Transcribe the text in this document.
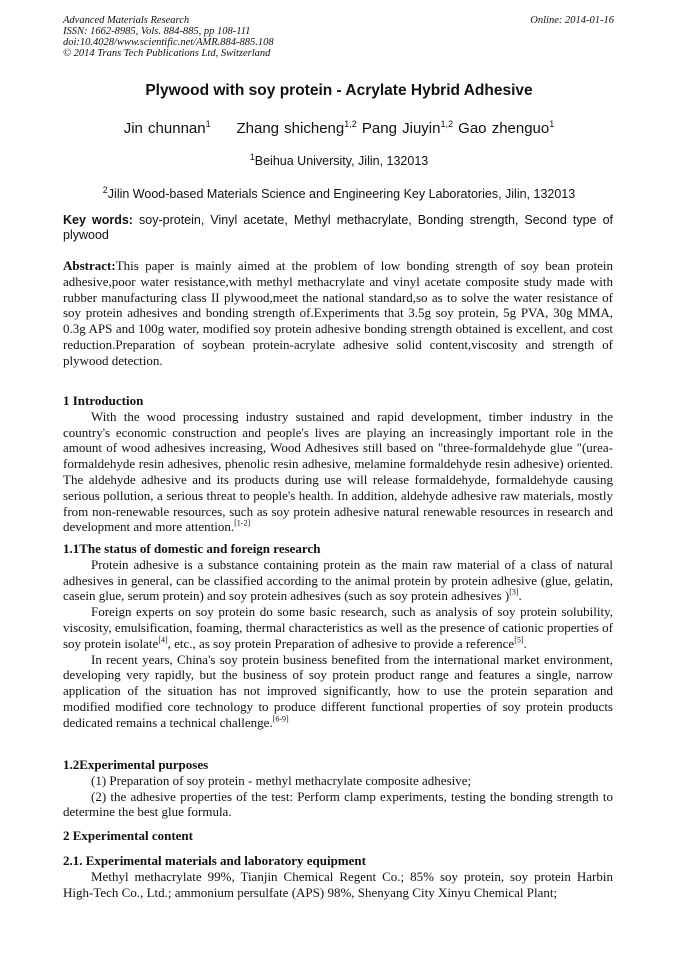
Advanced Materials Research
ISSN: 1662-8985, Vols. 884-885, pp 108-111
doi:10.4028/www.scientific.net/AMR.884-885.108
© 2014 Trans Tech Publications Ltd, Switzerland
Online: 2014-01-16
Plywood with soy protein - Acrylate Hybrid Adhesive
Jin chunnan$^1$ Zhang shicheng$^{1,2}$ Pang Jiuyin$^{1,2}$ Gao zhenguo$^1$
$^1$Beihua University, Jilin, 132013
$^2$Jilin Wood-based Materials Science and Engineering Key Laboratories, Jilin, 132013
Key words: soy-protein, Vinyl acetate, Methyl methacrylate, Bonding strength, Second type of plywood
Abstract:This paper is mainly aimed at the problem of low bonding strength of soy bean protein adhesive,poor water resistance,with methyl methacrylate and vinyl acetate composite study made with rubber manufacturing class II plywood,meet the national standard,so as to solve the water resistance of soy protein adhesives and bonding strength of.Experiments that 3.5g soy protein, 5g PVA, 30g MMA, 0.3g APS and 100g water, modified soy protein adhesive bonding strength obtained is excellent, and cost reduction.Preparation of soybean protein-acrylate adhesive solid content,viscosity and strength of plywood detection.
1 Introduction

With the wood processing industry sustained and rapid development, timber industry in the country's economic construction and people's lives are playing an increasingly important role in the amount of wood adhesives increasing, Wood Adhesives still based on "three-formaldehyde glue "(urea-formaldehyde resin adhesives, phenolic resin adhesive, melamine formaldehyde resin adhesive) oriented. The aldehyde adhesive and its products during use will release formaldehyde, formaldehyde causing serious pollution, a serious threat to people's health. In addition, aldehyde adhesive raw materials, mostly from non-renewable resources, such as soy protein adhesive natural renewable resources in research and development and more attention.[1-2]

1.1The status of domestic and foreign research

Protein adhesive is a substance containing protein as the main raw material of a class of natural adhesives in general, can be classified according to the animal protein by protein adhesive (glue, gelatin, casein glue, serum protein) and soy protein adhesives (such as soy protein adhesives )[3].

Foreign experts on soy protein do some basic research, such as analysis of soy protein solubility, viscosity, emulsification, foaming, thermal characteristics as well as the presence of cationic properties of soy protein isolate[4], etc., as soy protein Preparation of adhesive to provide a reference[5].

In recent years, China's soy protein business benefited from the international market environment, developing very rapidly, but the business of soy protein product range and features a single, narrow application of the situation has not improved significantly, how to use the protein separation and modified modified core technology to produce different functional properties of soy protein products dedicated remains a technical challenge.[6-9]

1.2Experimental purposes

(1) Preparation of soy protein - methyl methacrylate composite adhesive;

(2) the adhesive properties of the test: Perform clamp experiments, testing the bonding strength to determine the best glue formula.

2 Experimental content
2.1. Experimental materials and laboratory equipment

Methyl methacrylate 99%, Tianjin Chemical Regent Co.; 85% soy protein, soy protein Harbin High-Tech Co., Ltd.; ammonium persulfate (APS) 98%, Shenyang City Xinyu Chemical Plant;
